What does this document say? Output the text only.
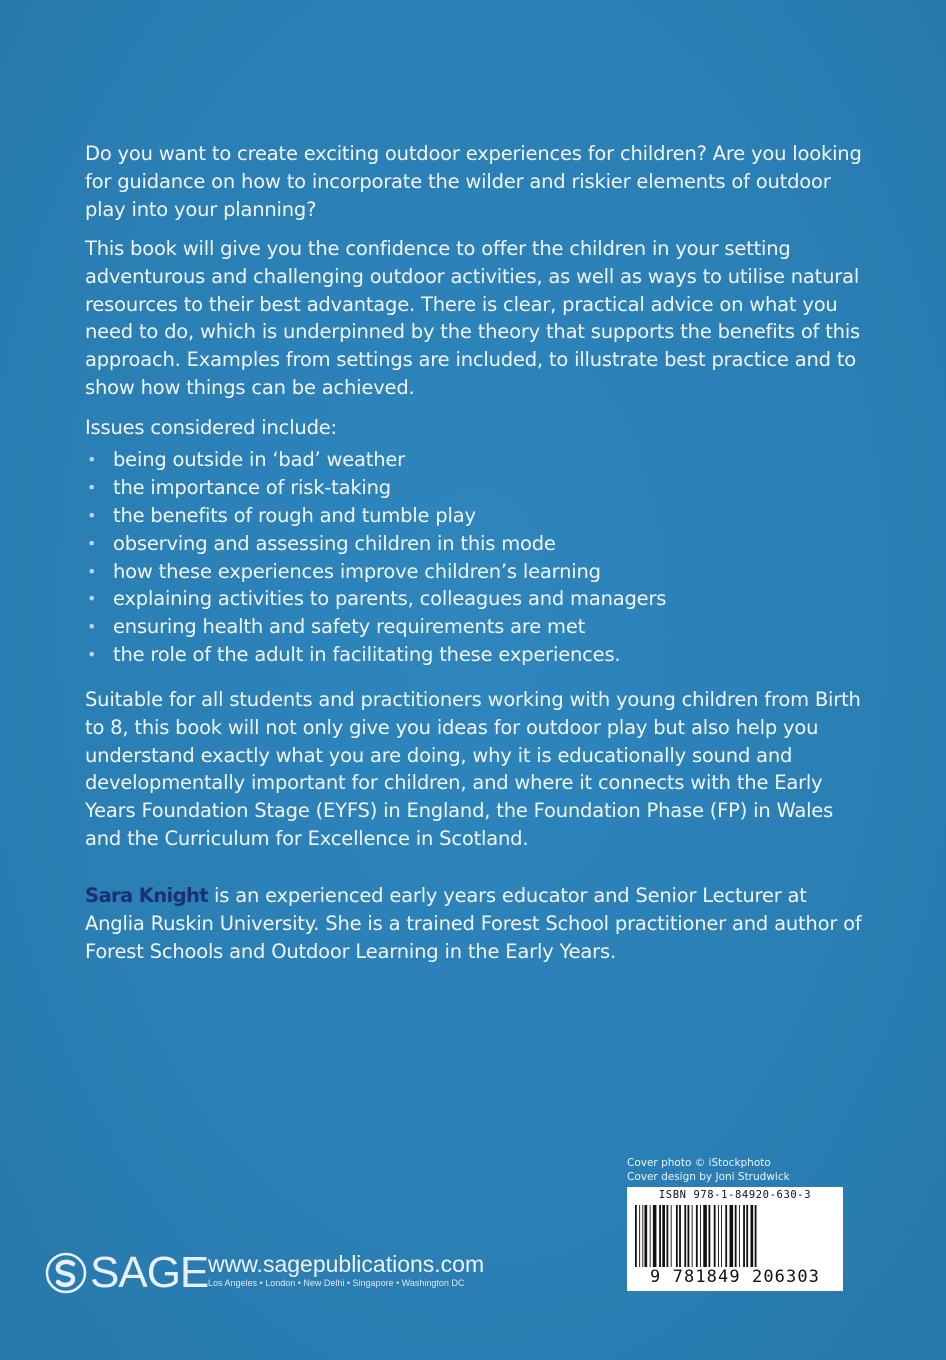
Do you want to create exciting outdoor experiences for children? Are you looking for guidance on how to incorporate the wilder and riskier elements of outdoor play into your planning?

This book will give you the confidence to offer the children in your setting adventurous and challenging outdoor activities, as well as ways to utilise natural resources to their best advantage. There is clear, practical advice on what you need to do, which is underpinned by the theory that supports the benefits of this approach. Examples from settings are included, to illustrate best practice and to show how things can be achieved.

Issues considered include:

• being outside in ‘bad’ weather
• the importance of risk-taking
• the benefits of rough and tumble play
• observing and assessing children in this mode
• how these experiences improve children’s learning
• explaining activities to parents, colleagues and managers
• ensuring health and safety requirements are met
• the role of the adult in facilitating these experiences.

Suitable for all students and practitioners working with young children from Birth to 8, this book will not only give you ideas for outdoor play but also help you understand exactly what you are doing, why it is educationally sound and developmentally important for children, and where it connects with the Early Years Foundation Stage (EYFS) in England, the Foundation Phase (FP) in Wales and the Curriculum for Excellence in Scotland.

Sara Knight is an experienced early years educator and Senior Lecturer at Anglia Ruskin University. She is a trained Forest School practitioner and author of Forest Schools and Outdoor Learning in the Early Years.

Cover photo © iStockphoto
Cover design by Joni Strudwick
ISBN 978-1-84920-630-3
9 781849 206303
SAGE www.sagepublications.com
Los Angeles • London • New Delhi • Singapore • Washington DC
